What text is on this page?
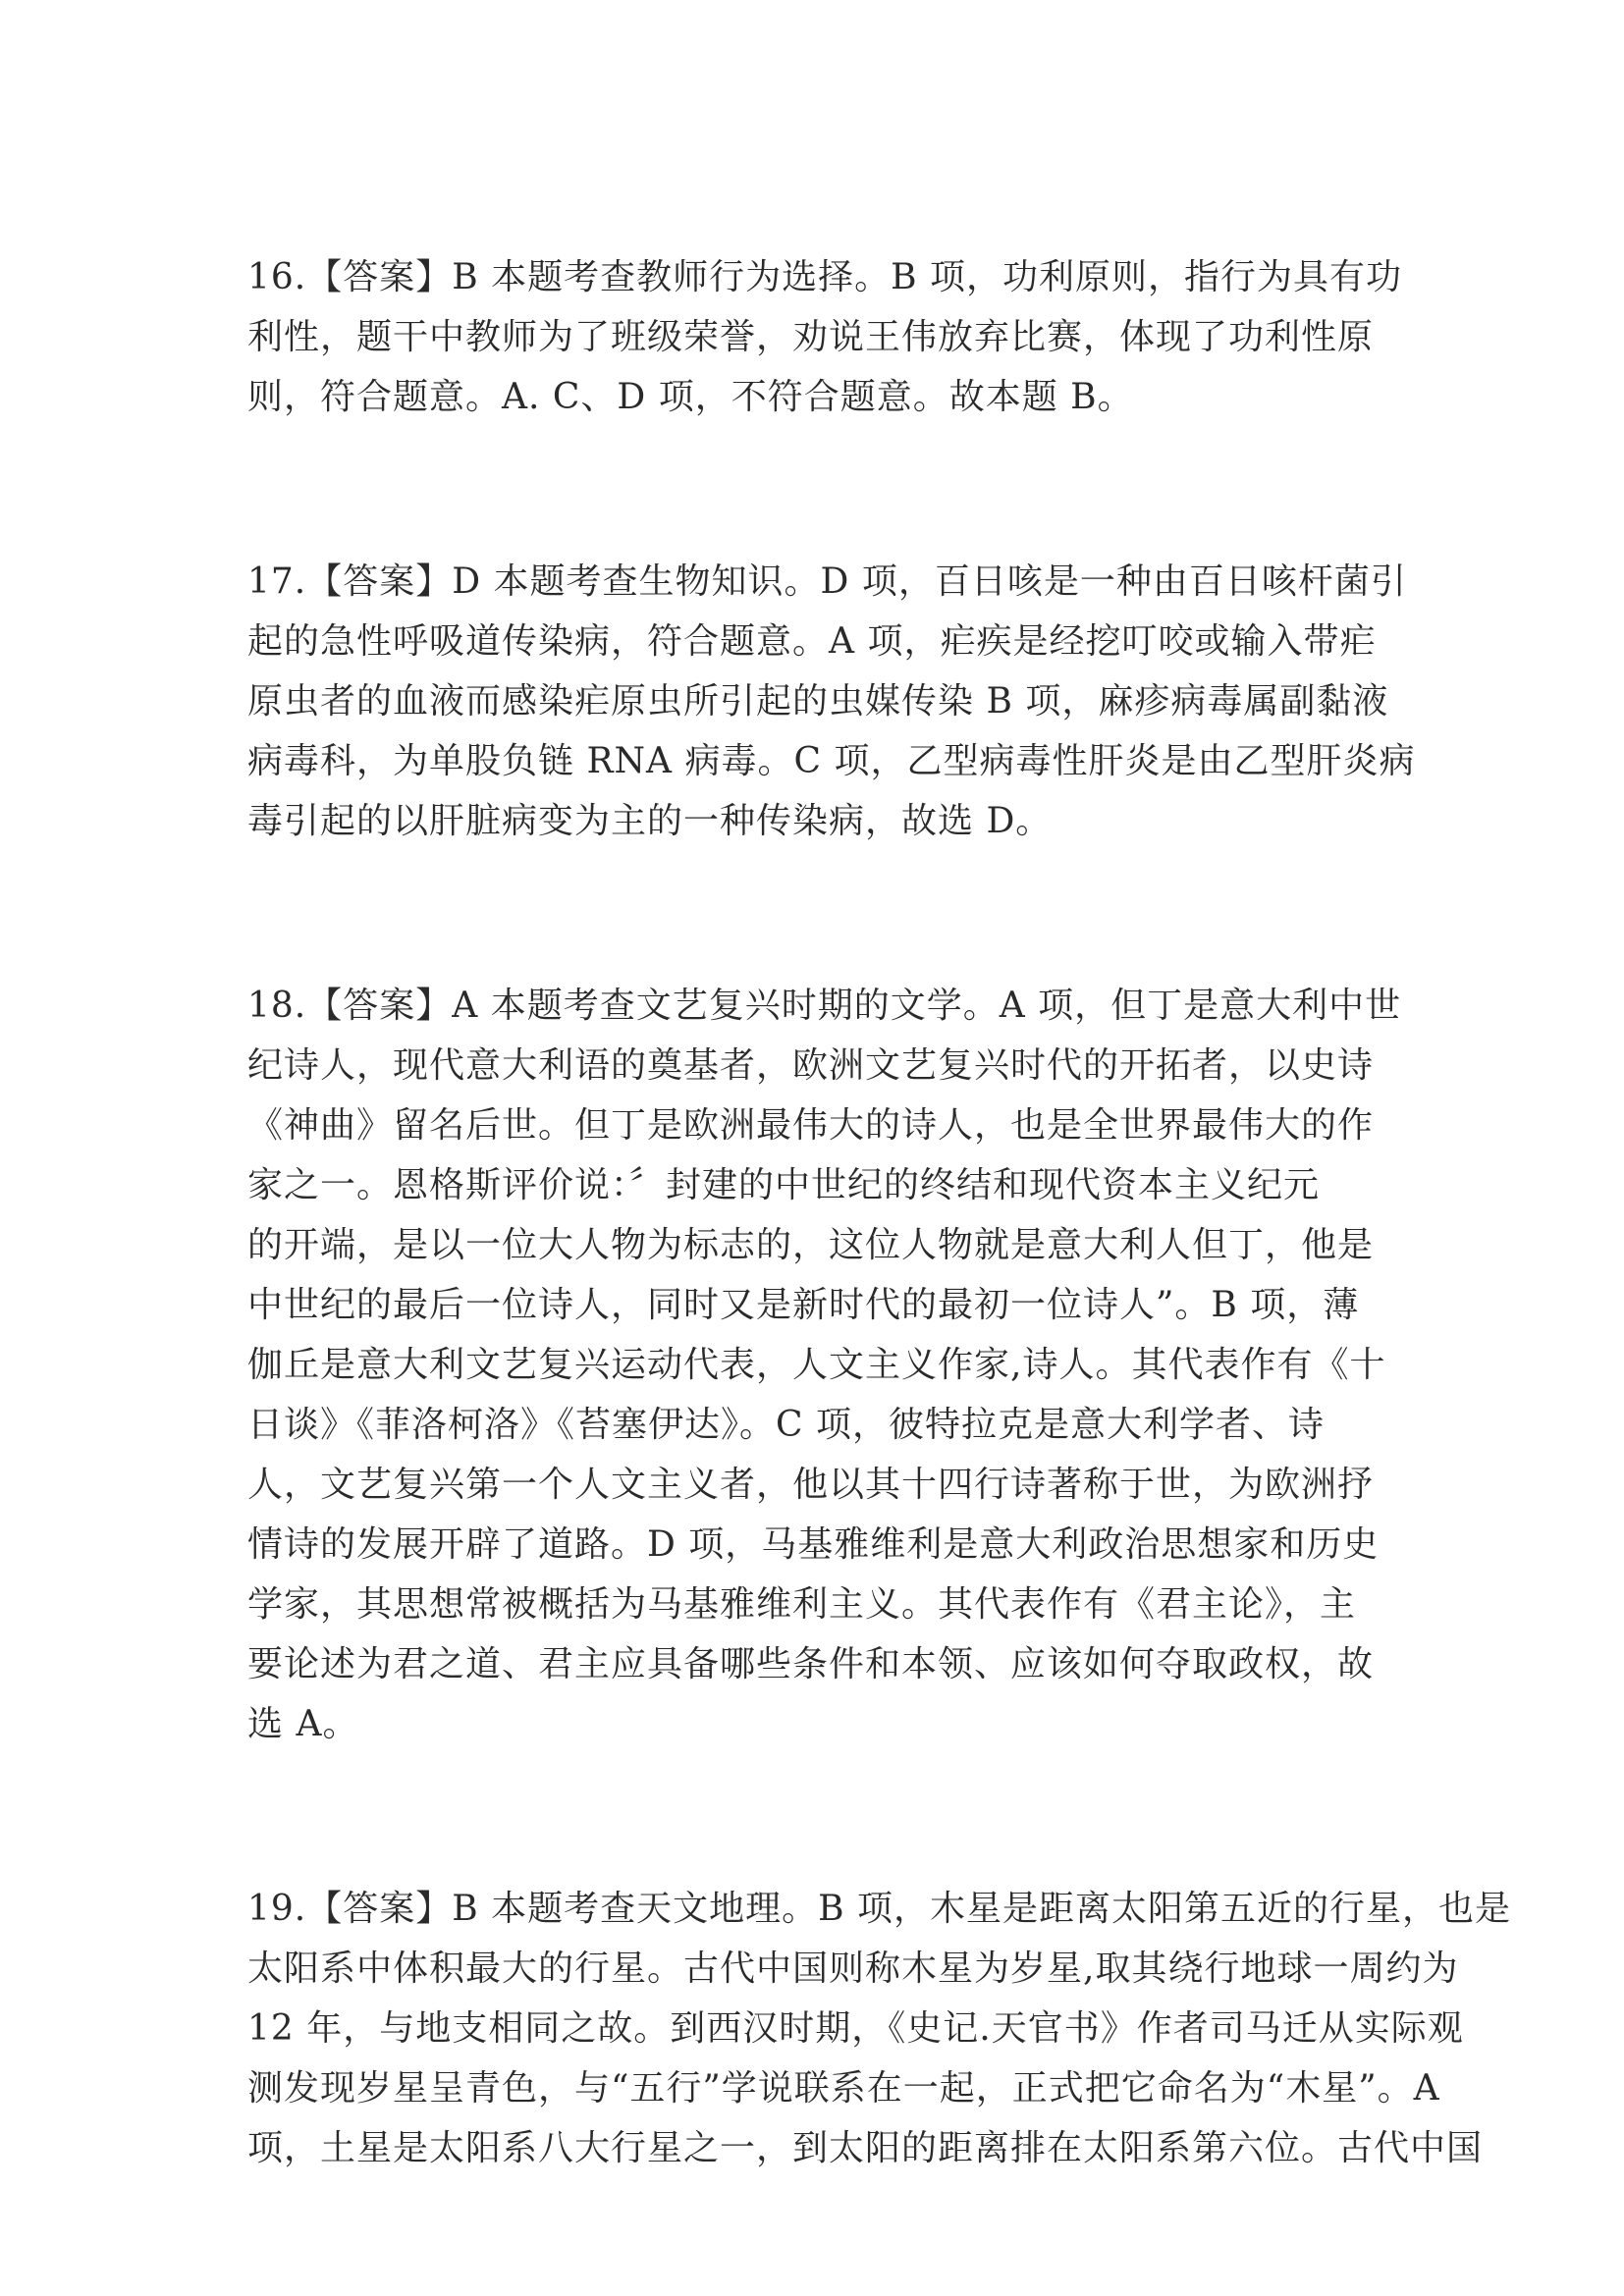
16.【答案】B 本题考查教师行为选择。B 项，功利原则，指行为具有功
利性，题干中教师为了班级荣誉，劝说王伟放弃比赛，体现了功利性原
则，符合题意。A. C、D 项，不符合题意。故本题 B。
17.【答案】D 本题考查生物知识。D 项，百日咳是一种由百日咳杆菌引
起的急性呼吸道传染病，符合题意。A 项，疟疾是经挖叮咬或输入带疟
原虫者的血液而感染疟原虫所引起的虫媒传染 B 项，麻疹病毒属副黏液
病毒科，为单股负链 RNA 病毒。C 项，乙型病毒性肝炎是由乙型肝炎病
毒引起的以肝脏病变为主的一种传染病，故选 D。
18.【答案】A 本题考查文艺复兴时期的文学。A 项，但丁是意大利中世
纪诗人，现代意大利语的奠基者，欧洲文艺复兴时代的开拓者，以史诗
《神曲》留名后世。但丁是欧洲最伟大的诗人，也是全世界最伟大的作
家之一。恩格斯评价说：〞封建的中世纪的终结和现代资本主义纪元
的开端，是以一位大人物为标志的，这位人物就是意大利人但丁，他是
中世纪的最后一位诗人，同时又是新时代的最初一位诗人”。B 项，薄
伽丘是意大利文艺复兴运动代表，人文主义作家,诗人。其代表作有《十
日谈》《菲洛柯洛》《苔塞伊达》。C 项，彼特拉克是意大利学者、诗
人，文艺复兴第一个人文主义者，他以其十四行诗著称于世，为欧洲抒
情诗的发展开辟了道路。D 项，马基雅维利是意大利政治思想家和历史
学家，其思想常被概括为马基雅维利主义。其代表作有《君主论》，主
要论述为君之道、君主应具备哪些条件和本领、应该如何夺取政权，故
选 A。
19.【答案】B 本题考查天文地理。B 项，木星是距离太阳第五近的行星，也是
太阳系中体积最大的行星。古代中国则称木星为岁星,取其绕行地球一周约为
12 年，与地支相同之故。到西汉时期，《史记.天官书》作者司马迁从实际观
测发现岁星呈青色，与“五行”学说联系在一起，正式把它命名为“木星”。A
项，土星是太阳系八大行星之一，到太阳的距离排在太阳系第六位。古代中国
